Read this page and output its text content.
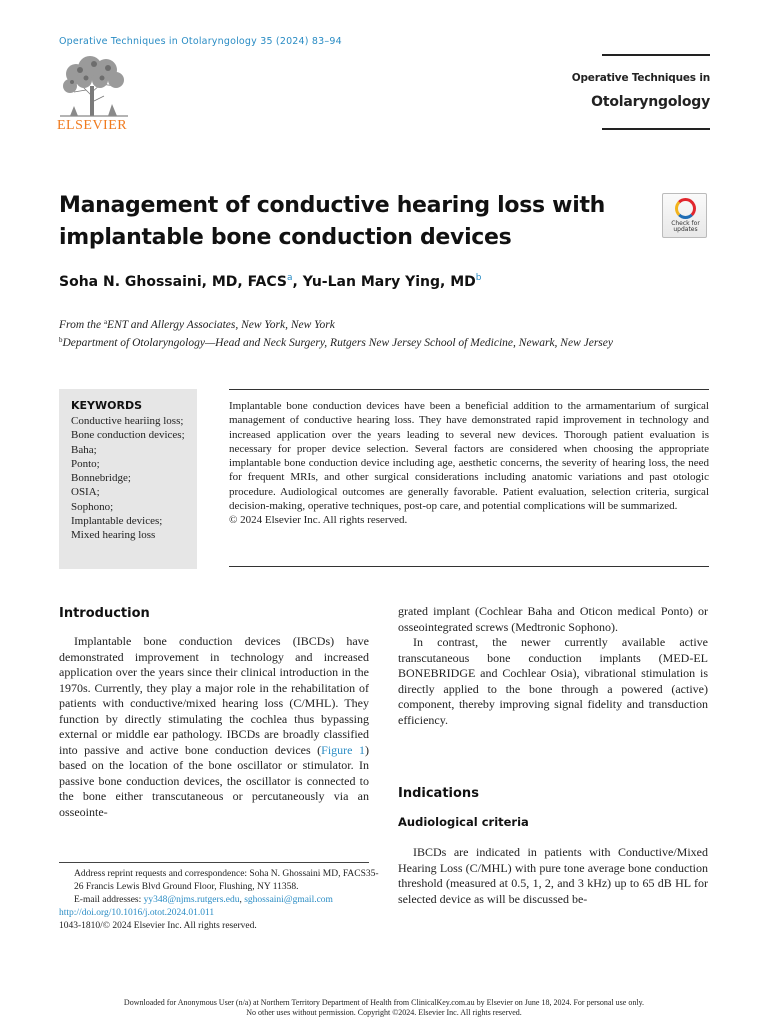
Operative Techniques in Otolaryngology 35 (2024) 83–94
ELSEVIER
Operative Techniques in
Otolaryngology
Management of conductive hearing loss with implantable bone conduction devices
Check for updates
Soha N. Ghossaini, MD, FACS$^a$, Yu-Lan Mary Ying, $MD^b$
From the $^a$ENT and Allergy Associates, New York, New York
$^b$Department of Otolaryngology—Head and Neck Surgery, Rutgers New Jersey School of Medicine, Newark, New Jersey
KEYWORDS
Conductive heariing loss;
Bone conduction devices;
Baha;
Ponto;
Bonnebridge;
OSIA;
Sophono;
Implantable devices;
Mixed hearing loss
Implantable bone conduction devices have been a beneficial addition to the armamentarium of surgical management of conductive hearing loss. They have demonstrated rapid improvement in technology and increased application over the years leading to several new devices. Thorough patient evaluation is necessary for proper device selection. Several factors are considered when choosing the appropriate implantable bone conduction device including age, aesthetic concerns, the severity of hearing loss, the need for frequent MRIs, and other surgical considerations including anatomic variations and past otologic procedure. Audiological outcomes are generally favorable. Patient evaluation, selection criteria, surgical decision-making, operative techniques, post-op care, and potential complications will be summarized.
© 2024 Elsevier Inc. All rights reserved.
Introduction

Implantable bone conduction devices (IBCDs) have demonstrated improvement in technology and increased application over the years since their clinical introduction in the 1970s. Currently, they play a major role in the rehabilitation of patients with conductive/mixed hearing loss (C/MHL). They function by directly stimulating the cochlea thus bypassing external or middle ear pathology. IBCDs are broadly classified into passive and active bone conduction devices (Figure 1) based on the location of the bone oscillator or stimulator. In passive bone conduction devices, the oscillator is connected to the bone either transcutaneous or percutaneously via an osseointe-

grated implant (Cochlear Baha and Oticon medical Ponto) or osseointegrated screws (Medtronic Sophono).

In contrast, the newer currently available active transcutaneous bone conduction implants (MED-EL BONEBRIDGE and Cochlear Osia), vibrational stimulation is directly applied to the bone through a powered (active) component, thereby improving signal fidelity and transduction efficiency.

Indications
Audiological criteria

IBCDs are indicated in patients with Conductive/Mixed Hearing Loss (C/MHL) with pure tone average bone conduction threshold (measured at 0.5, 1, 2, and 3 kHz) up to 65 dB HL for selected device as will be discussed be-

Address reprint requests and correspondence: Soha N. Ghossaini MD, FACS35-26 Francis Lewis Blvd Ground Floor, Flushing, NY 11358.
E-mail addresses: yy348@njms.rutgers.edu, sghossaini@gmail.com
http://doi.org/10.1016/j.otot.2024.01.011
1043-1810/© 2024 Elsevier Inc. All rights reserved.
Downloaded for Anonymous User (n/a) at Northern Territory Department of Health from ClinicalKey.com.au by Elsevier on June 18, 2024. For personal use only. No other uses without permission. Copyright ©2024. Elsevier Inc. All rights reserved.
